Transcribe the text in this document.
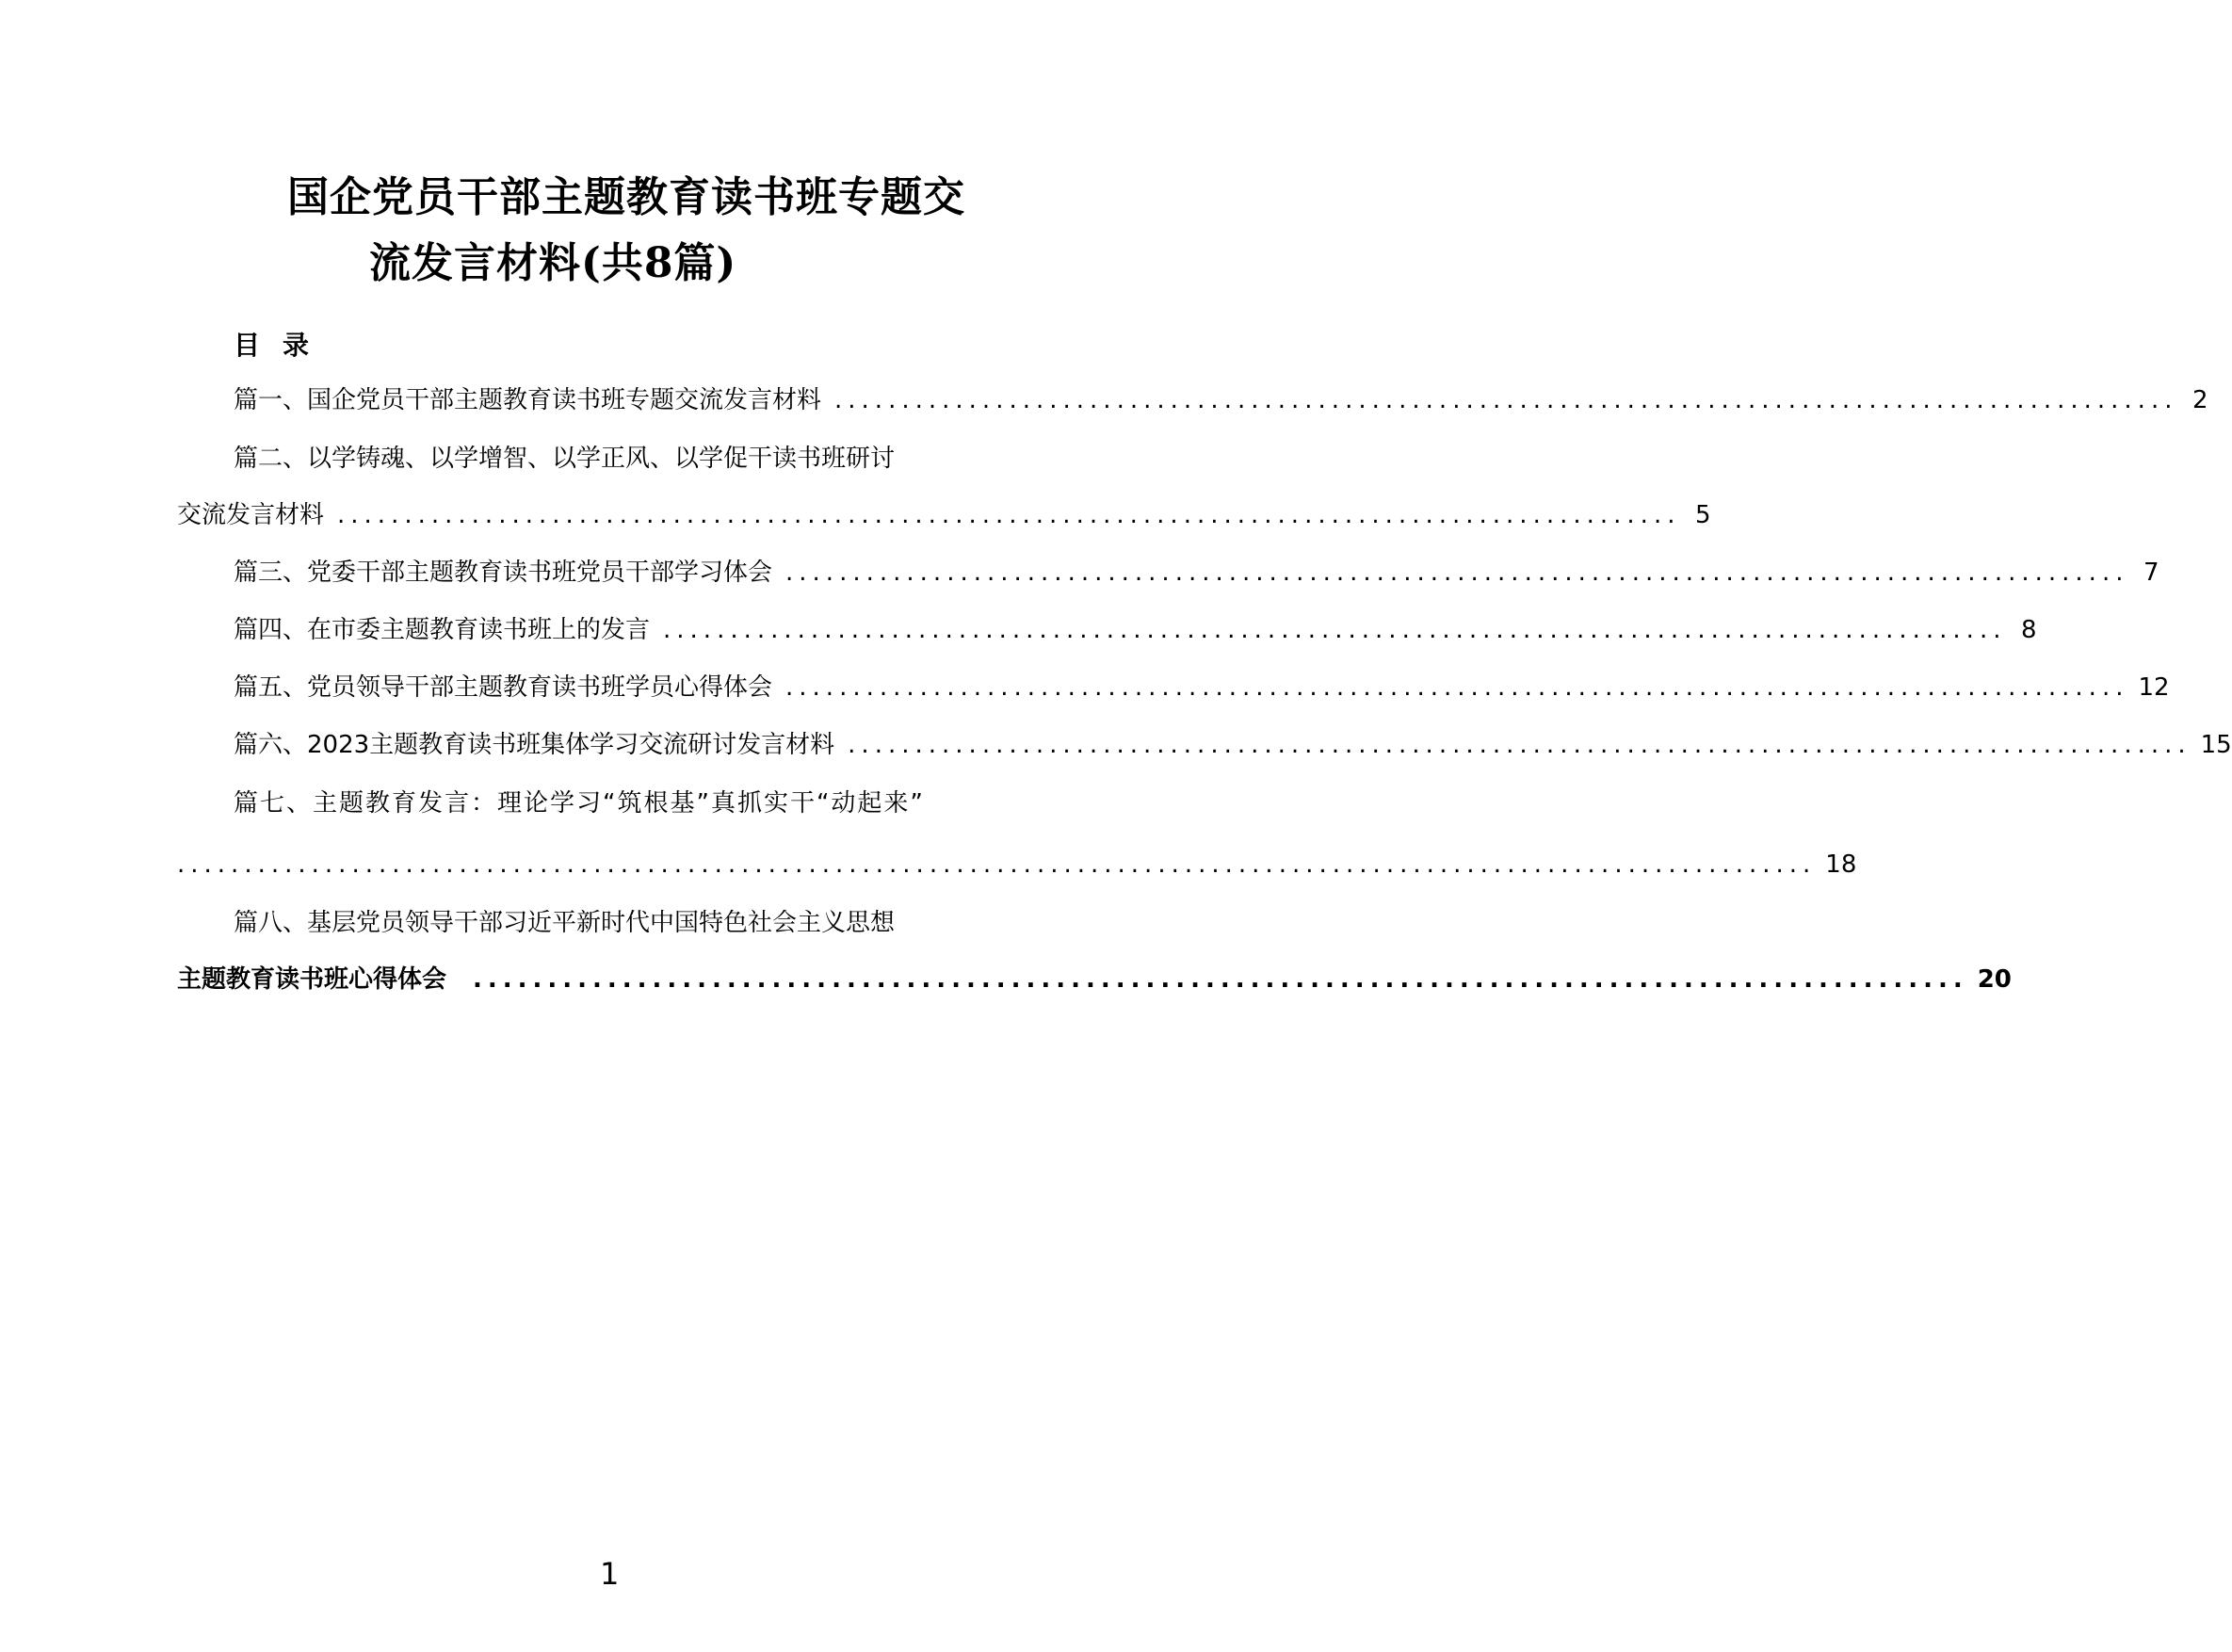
国企党员干部主题教育读书班专题交
流发言材料(共8篇)
目录
篇一、国企党员干部主题教育读书班专题交流发言材料 .................................................................................................... 2
篇二、以学铸魂、以学增智、以学正风、以学促干读书班研讨
交流发言材料 .................................................................................................... 5
篇三、党委干部主题教育读书班党员干部学习体会 .................................................................................................... 7
篇四、在市委主题教育读书班上的发言 .................................................................................................... 8
篇五、党员领导干部主题教育读书班学员心得体会 .................................................................................................... 12
篇六、2023主题教育读书班集体学习交流研讨发言材料 .................................................................................................... 15
篇七、主题教育发言：理论学习“筑根基”真抓实干“动起来”
.......................................................................................................................... 18
篇八、基层党员领导干部习近平新时代中国特色社会主义思想
主题教育读书班心得体会	.................................................................................................... 20
1
